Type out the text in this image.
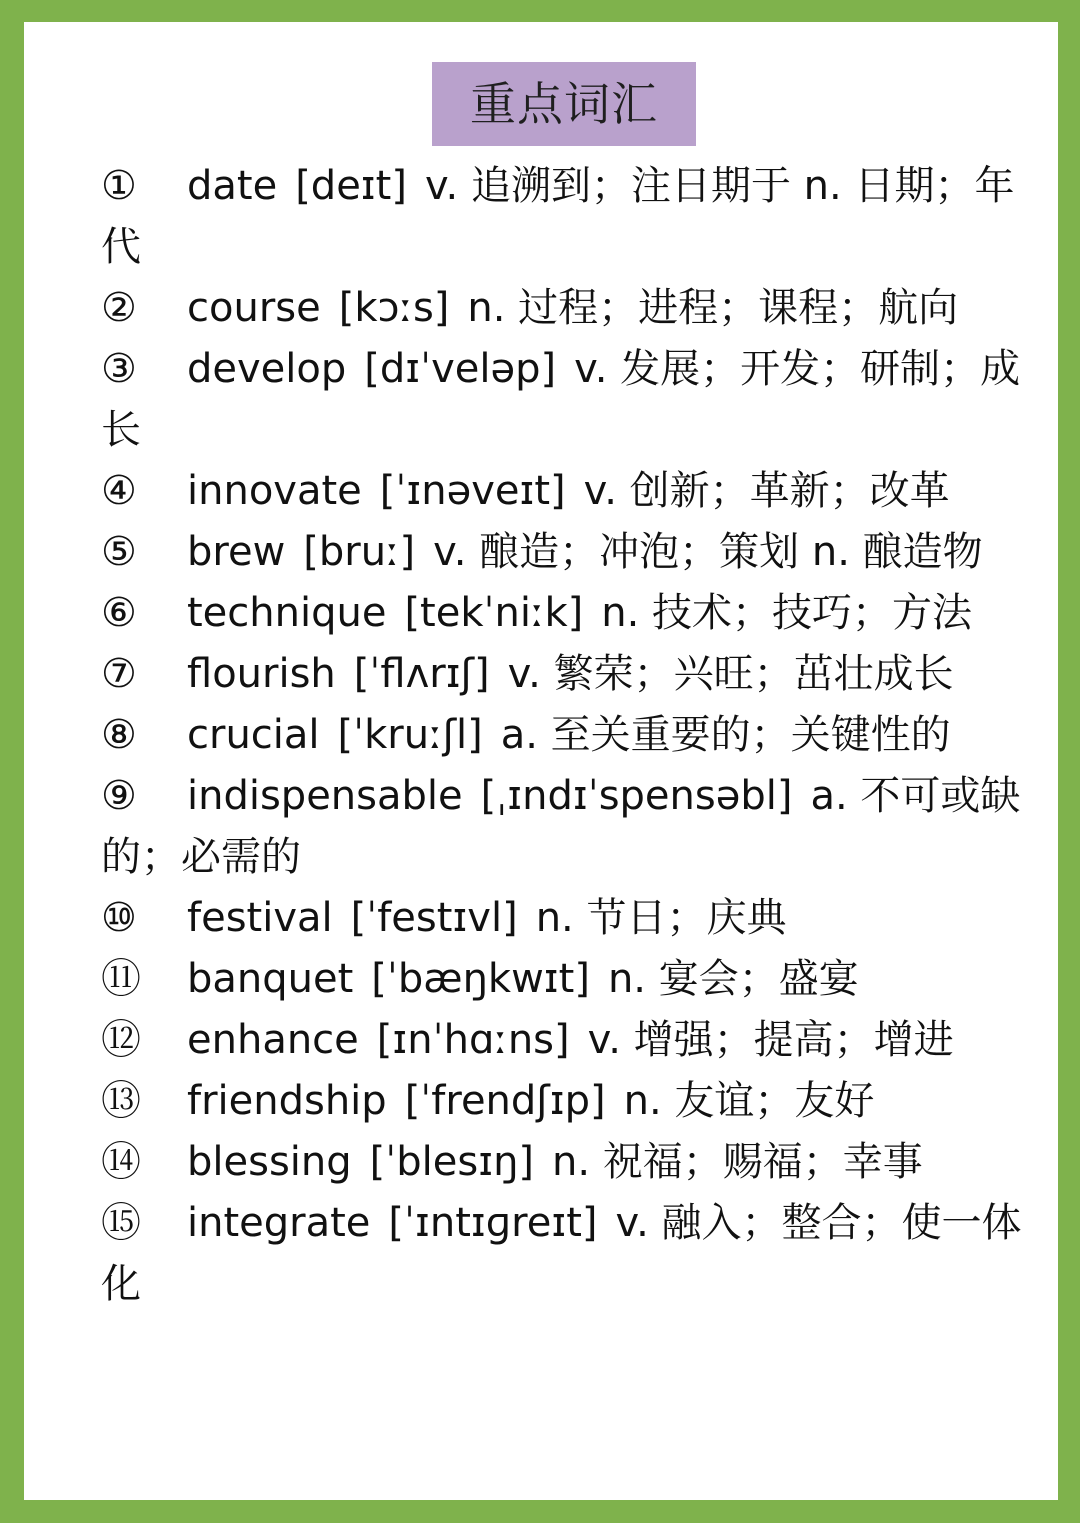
重点词汇
① date [deɪt] v. 追溯到；注日期于 n. 日期；年代
② course [kɔːs] n. 过程；进程；课程；航向
③ develop [dɪˈveləp] v. 发展；开发；研制；成长
④ innovate [ˈɪnəveɪt] v. 创新；革新；改革
⑤ brew [bruː] v. 酿造；冲泡；策划 n. 酿造物
⑥ technique [tekˈniːk] n. 技术；技巧；方法
⑦ flourish [ˈflʌrɪʃ] v. 繁荣；兴旺；茁壮成长
⑧ crucial [ˈkruːʃl] a. 至关重要的；关键性的
⑨ indispensable [ˌɪndɪˈspensəbl] a. 不可或缺的；必需的
⑩ festival [ˈfestɪvl] n. 节日；庆典
⑪ banquet [ˈbæŋkwɪt] n. 宴会；盛宴
⑫ enhance [ɪnˈhɑːns] v. 增强；提高；增进
⑬ friendship [ˈfrendʃɪp] n. 友谊；友好
⑭ blessing [ˈblesɪŋ] n. 祝福；赐福；幸事
⑮ integrate [ˈɪntɪɡreɪt] v. 融入；整合；使一体化
